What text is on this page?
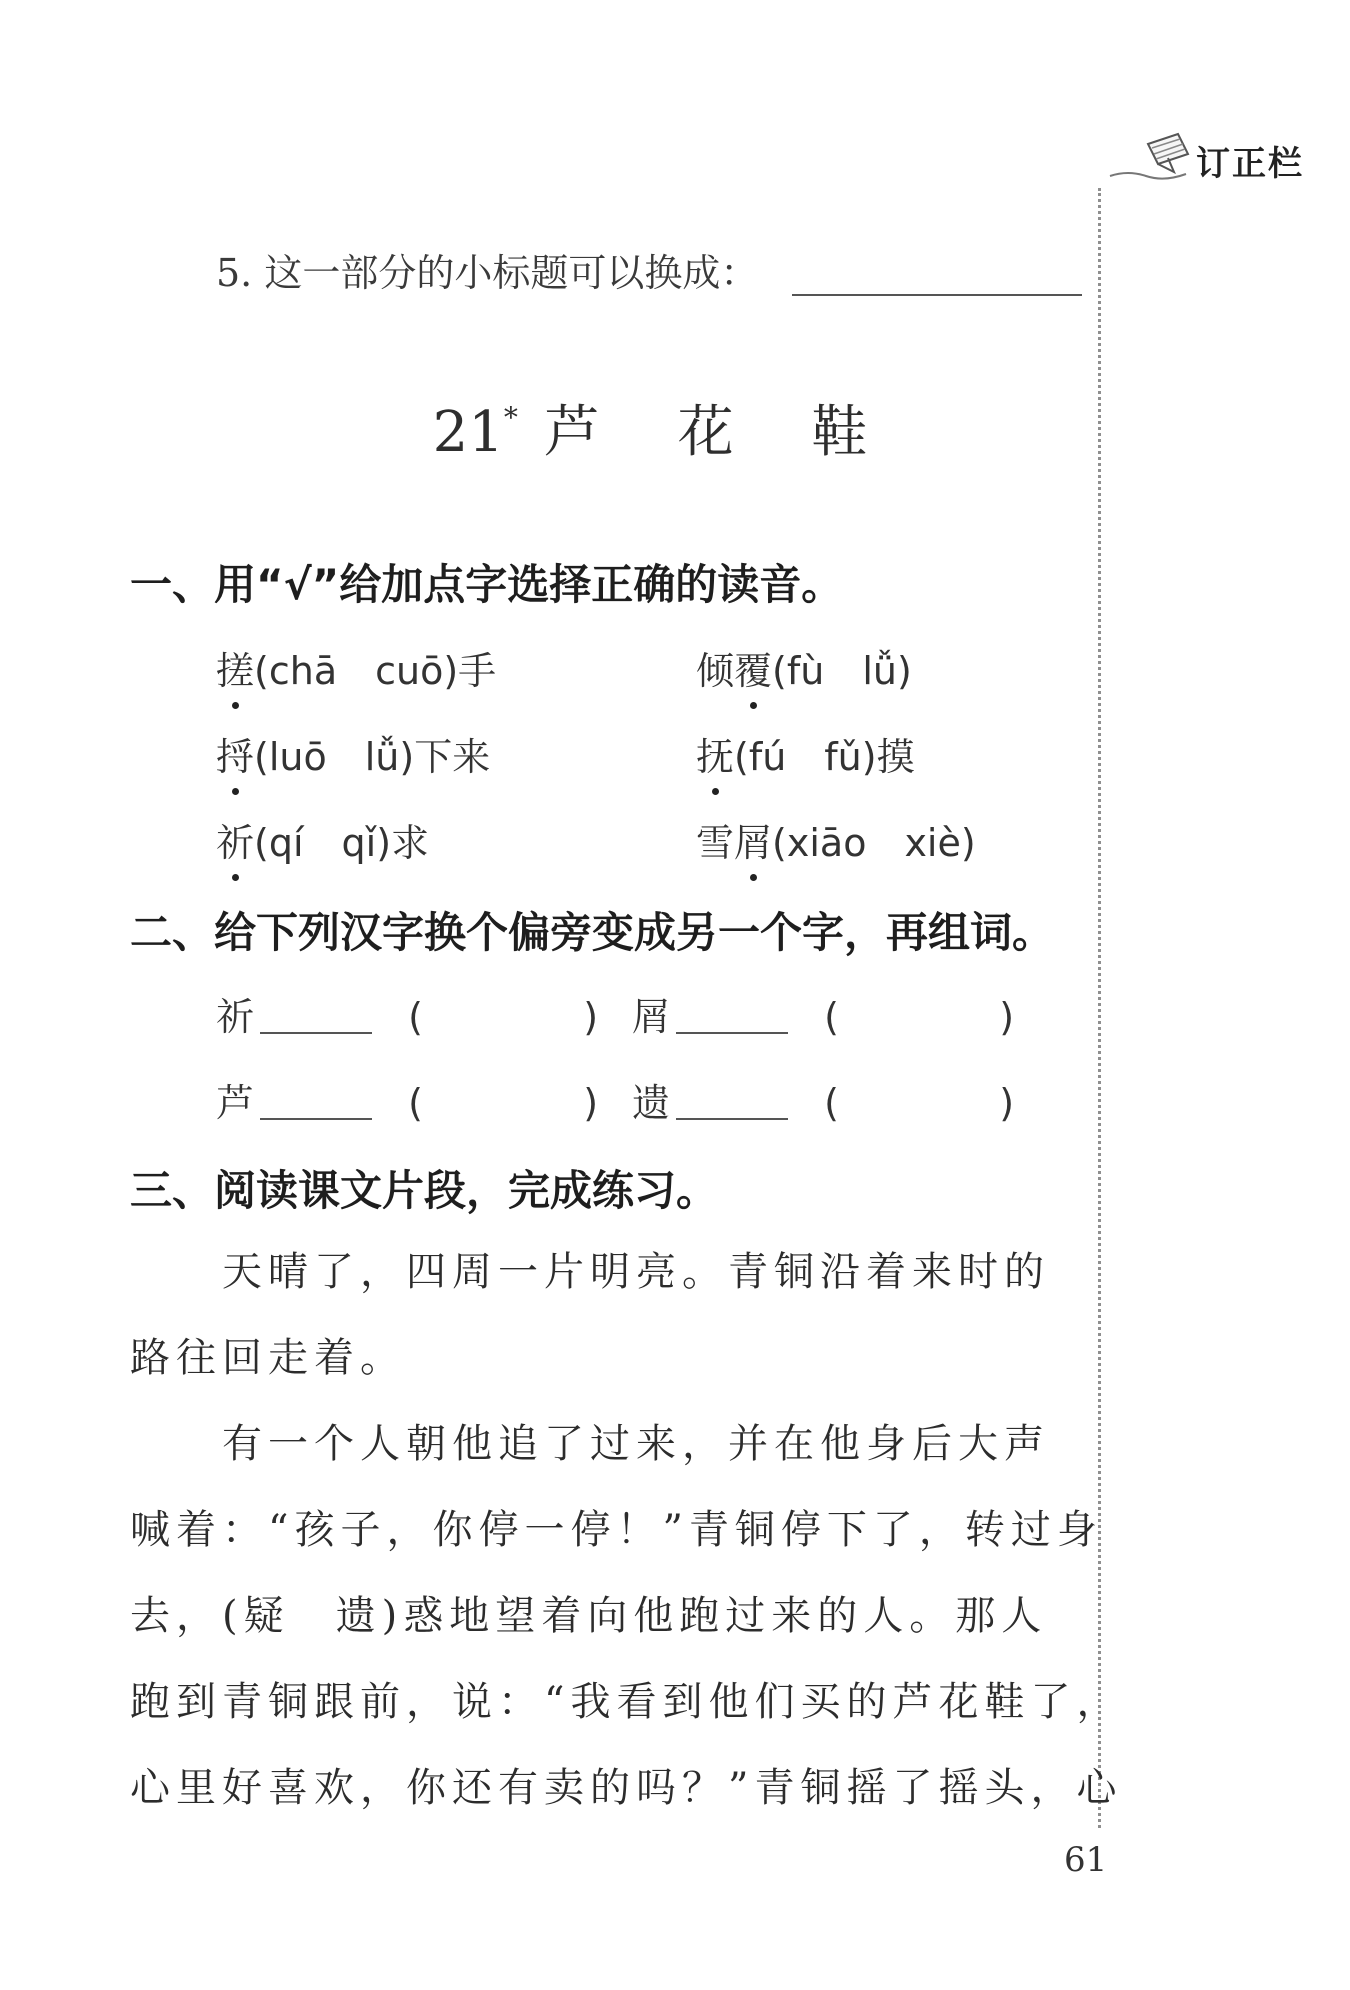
订正栏
5. 这一部分的小标题可以换成：
21* 芦 花 鞋
一、用“√”给加点字选择正确的读音。
搓(chā　cuō)手	倾覆(fù　lǚ)
捋(luō　lǚ)下来	抚(fú　fǔ)摸
祈(qí　qǐ)求	雪屑(xiāo　xiè)
二、给下列汉字换个偏旁变成另一个字，再组词。
祈	(	) 屑	(	)
芦	(	) 遗	(	)
三、阅读课文片段，完成练习。
天晴了，四周一片明亮。青铜沿着来时的
路往回走着。
有一个人朝他追了过来，并在他身后大声
喊着：“孩子，你停一停！”青铜停下了，转过身
去，(疑　遗)惑地望着向他跑过来的人。那人
跑到青铜跟前，说：“我看到他们买的芦花鞋了，
心里好喜欢，你还有卖的吗？”青铜摇了摇头，心
61
